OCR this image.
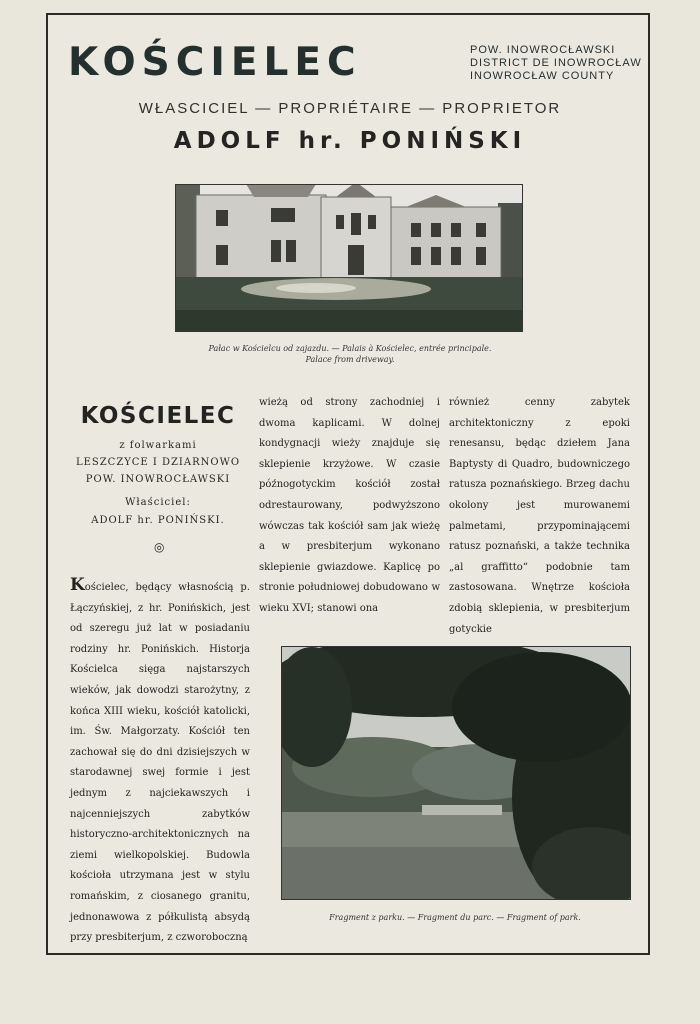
KOŚCIELEC	POW. INOWROCŁAWSKI
DISTRICT DE INOWROCŁAW
INOWROCŁAW COUNTY
WŁASCICIEL — PROPRIÉTAIRE — PROPRIETOR
ADOLF hr. PONIŃSKI
Pałac w Kościelcu od zajazdu. — Palais à Kościelec, entrée principale.
Palace from driveway.
KOŚCIELEC
z folwarkami
LESZCZYCE I DZIARNOWO
POW. INOWROCŁAWSKI
Właściciel:
ADOLF hr. PONIŃSKI.
◎
Kościelec, będący własnością p. Łączyńskiej, z hr. Ponińskich, jest od szeregu już lat w posiadaniu rodziny hr. Ponińskich. Historja Kościelca sięga najstarszych wieków, jak dowodzi starożytny, z końca XIII wieku, kościół katolicki, im. Św. Małgorzaty. Kościół ten zachował się do dni dzisiejszych w starodawnej swej formie i jest jednym z najciekawszych i najcenniejszych zabytków historyczno-architektonicznych na ziemi wielkopolskiej. Budowla kościoła utrzymana jest w stylu romańskim, z ciosanego granitu, jednonawowa z półkulistą absydą przy presbiterjum, z czworoboczną
wieżą od strony zachodniej i dwoma kaplicami. W dolnej kondygnacji wieży znajduje się sklepienie krzyżowe. W czasie późnogotyckim kościół został odrestaurowany, podwyższono wówczas tak kościół sam jak wieżę a w presbiterjum wykonano sklepienie gwiazdowe. Kaplicę po stronie południowej dobudowano w wieku XVI; stanowi ona
również cenny zabytek architektoniczny z epoki renesansu, będąc dziełem Jana Baptysty di Quadro, budowniczego ratusza poznańskiego. Brzeg dachu okolony jest murowanemi palmetami, przypominającemi ratusz poznański, a także technika „al graffitto“ podobnie tam zastosowana. Wnętrze kościoła zdobią sklepienia, w presbiterjum gotyckie
Fragment z parku. — Fragment du parc. — Fragment of park.
